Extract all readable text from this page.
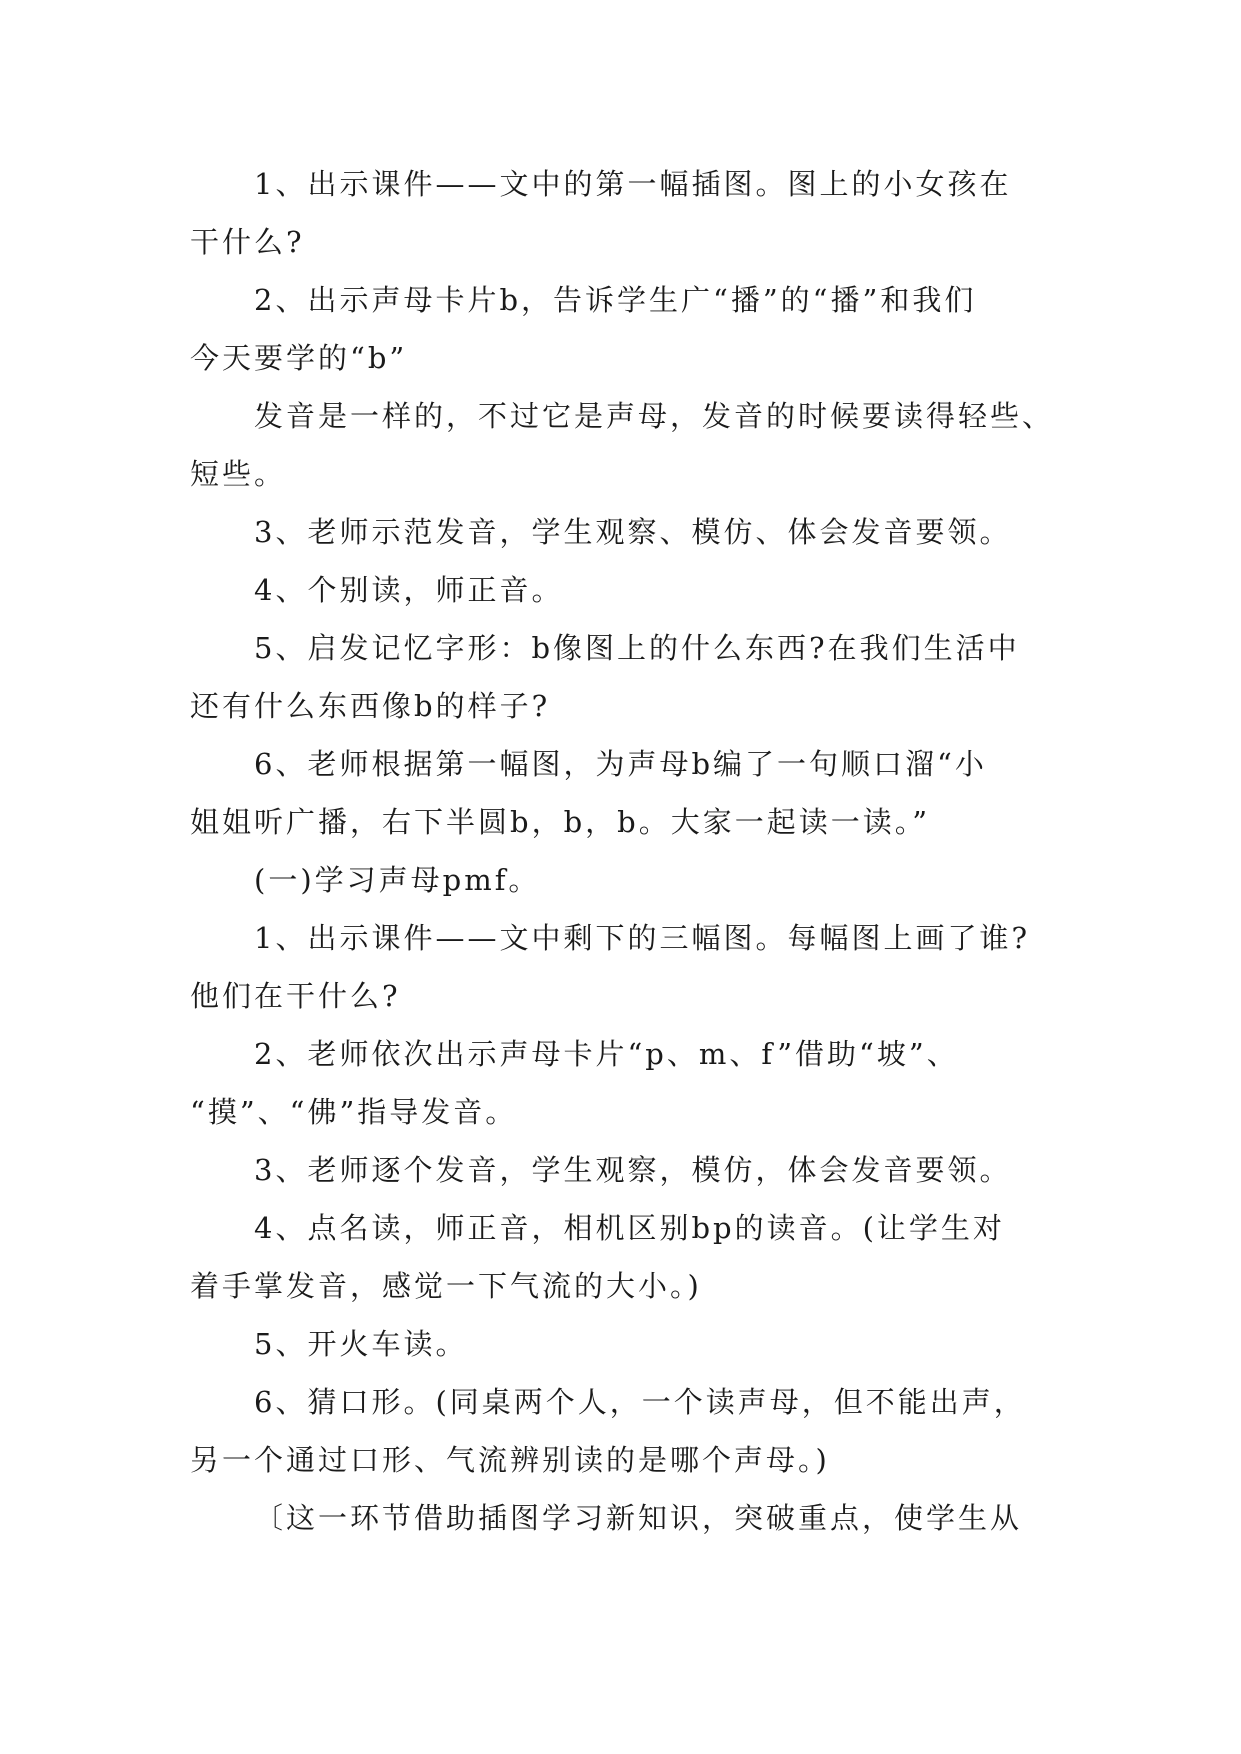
1、出示课件——文中的第一幅插图。图上的小女孩在
干什么?
2、出示声母卡片b，告诉学生广“播”的“播”和我们
今天要学的“b”
发音是一样的，不过它是声母，发音的时候要读得轻些、
短些。
3、老师示范发音，学生观察、模仿、体会发音要领。
4、个别读，师正音。
5、启发记忆字形：b像图上的什么东西?在我们生活中
还有什么东西像b的样子?
6、老师根据第一幅图，为声母b编了一句顺口溜“小
姐姐听广播，右下半圆b，b，b。大家一起读一读。”
(一)学习声母pmf。
1、出示课件——文中剩下的三幅图。每幅图上画了谁?
他们在干什么?
2、老师依次出示声母卡片“p、m、f”借助“坡”、
“摸”、“佛”指导发音。
3、老师逐个发音，学生观察，模仿，体会发音要领。
4、点名读，师正音，相机区别bp的读音。(让学生对
着手掌发音，感觉一下气流的大小。)
5、开火车读。
6、猜口形。(同桌两个人，一个读声母，但不能出声，
另一个通过口形、气流辨别读的是哪个声母。)
〔这一环节借助插图学习新知识，突破重点，使学生从
